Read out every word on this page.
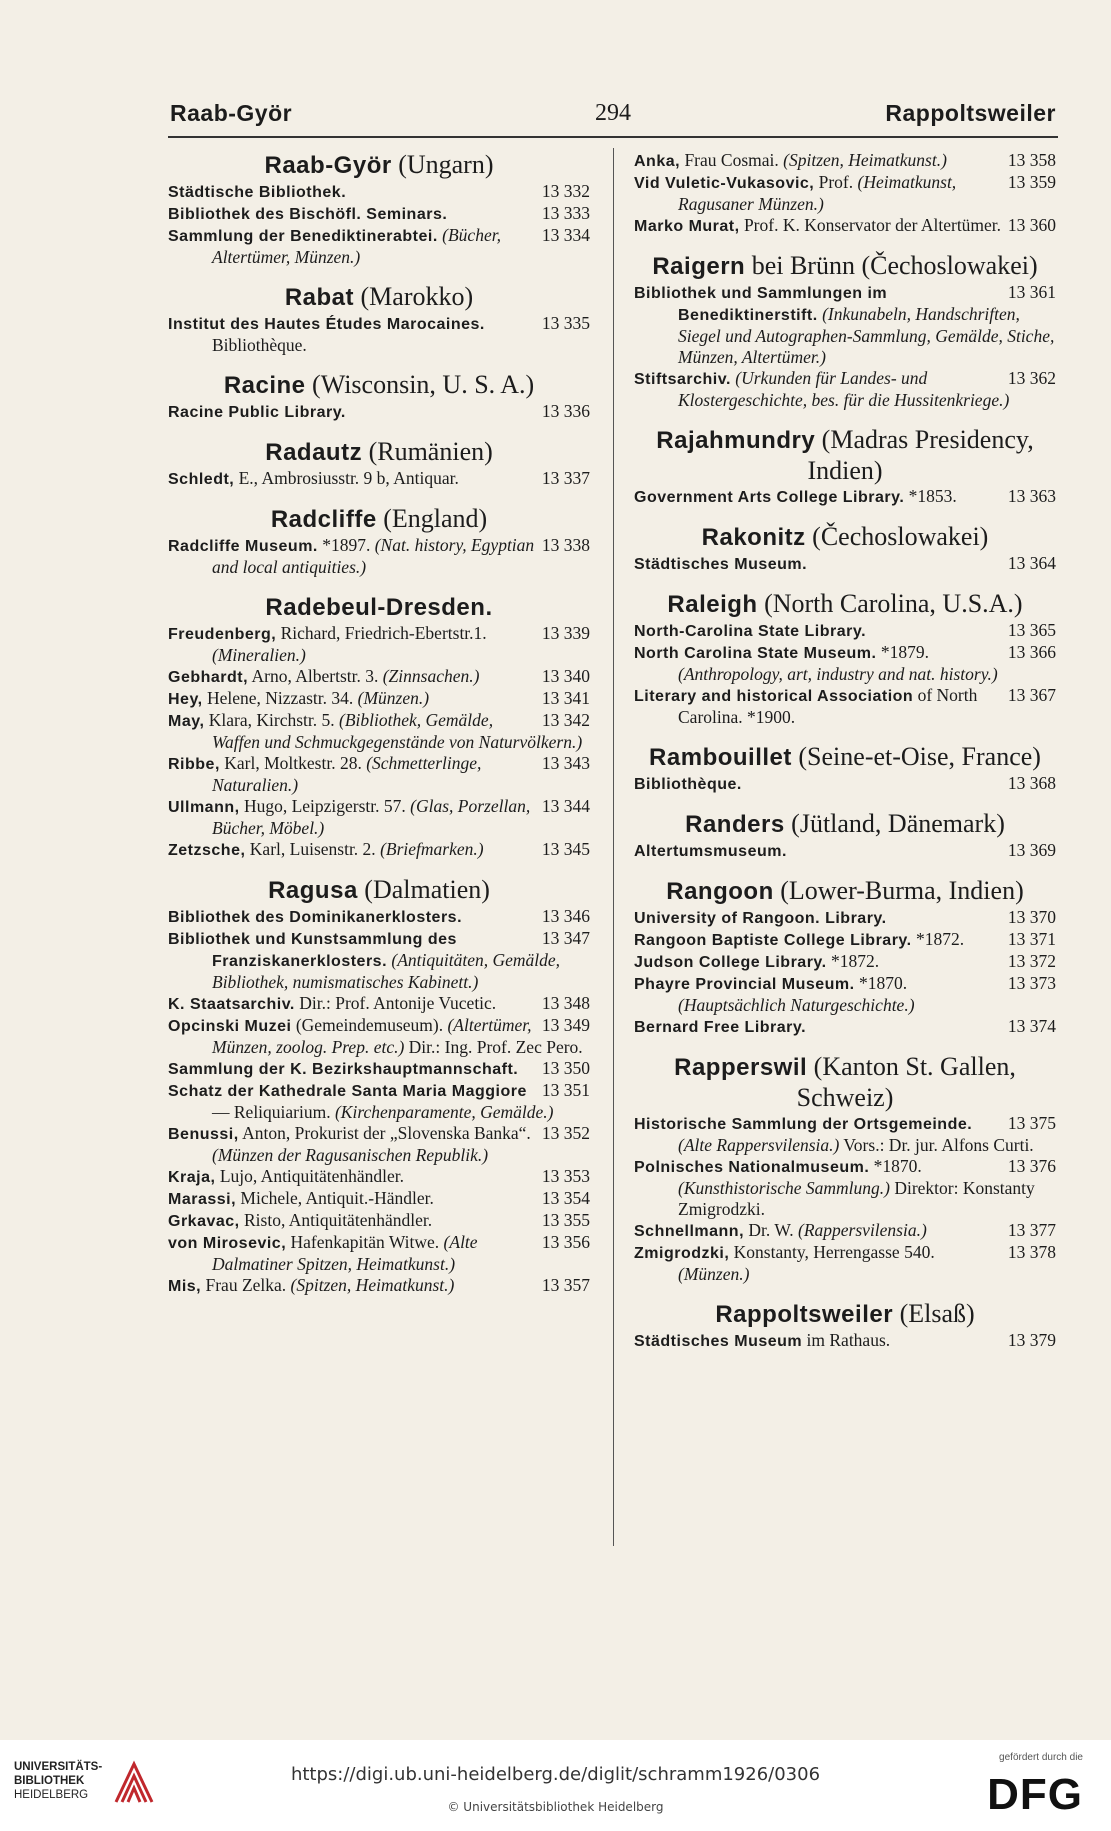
Raab-Györ	294	Rappoltsweiler

Raab-Györ (Ungarn)

13 332
Städtische Bibliothek.

13 333
Bibliothek des Bischöfl. Seminars.

13 334
Sammlung der Benediktinerabtei. (Bücher, Altertümer, Münzen.)

Rabat (Marokko)

13 335
Institut des Hautes Études Marocaines. Bibliothèque.

Racine (Wisconsin, U. S. A.)

13 336
Racine Public Library.

Radautz (Rumänien)

13 337
Schledt, E., Ambrosiusstr. 9 b, Antiquar.

Radcliffe (England)

13 338
Radcliffe Museum. *1897. (Nat. history, Egyptian and local antiquities.)

Radebeul-Dresden.

13 339
Freudenberg, Richard, Friedrich-Ebertstr.1. (Mineralien.)

13 340
Gebhardt, Arno, Albertstr. 3. (Zinnsachen.)

13 341
Hey, Helene, Nizzastr. 34. (Münzen.)

13 342
May, Klara, Kirchstr. 5. (Bibliothek, Gemälde, Waffen und Schmuckgegenstände von Naturvölkern.)

13 343
Ribbe, Karl, Moltkestr. 28. (Schmetterlinge, Naturalien.)

13 344
Ullmann, Hugo, Leipzigerstr. 57. (Glas, Porzellan, Bücher, Möbel.)

13 345
Zetzsche, Karl, Luisenstr. 2. (Briefmarken.)

Ragusa (Dalmatien)

13 346
Bibliothek des Dominikanerklosters.

13 347
Bibliothek und Kunstsammlung des Franziskanerklosters. (Antiquitäten, Gemälde, Bibliothek, numismatisches Kabinett.)

13 348
K. Staatsarchiv. Dir.: Prof. Antonije Vucetic.

13 349
Opcinski Muzei (Gemeindemuseum). (Altertümer, Münzen, zoolog. Prep. etc.) Dir.: Ing. Prof. Zec Pero.

13 350
Sammlung der K. Bezirkshauptmannschaft.

13 351
Schatz der Kathedrale Santa Maria Maggiore — Reliquiarium. (Kirchenparamente, Gemälde.)

13 352
Benussi, Anton, Prokurist der „Slovenska Banka“. (Münzen der Ragusanischen Republik.)

13 353
Kraja, Lujo, Antiquitätenhändler.

13 354
Marassi, Michele, Antiquit.-Händler.

13 355
Grkavac, Risto, Antiquitätenhändler.

13 356
von Mirosevic, Hafenkapitän Witwe. (Alte Dalmatiner Spitzen, Heimatkunst.)

13 357
Mis, Frau Zelka. (Spitzen, Heimatkunst.)

13 358
Anka, Frau Cosmai. (Spitzen, Heimatkunst.)

13 359
Vid Vuletic-Vukasovic, Prof. (Heimatkunst, Ragusaner Münzen.)

13 360
Marko Murat, Prof. K. Konservator der Altertümer.

Raigern bei Brünn (Čechoslowakei)

13 361
Bibliothek und Sammlungen im Benediktinerstift. (Inkunabeln, Handschriften, Siegel und Autographen-Sammlung, Gemälde, Stiche, Münzen, Altertümer.)

13 362
Stiftsarchiv. (Urkunden für Landes- und Klostergeschichte, bes. für die Hussitenkriege.)

Rajahmundry (Madras Presidency, Indien)

13 363
Government Arts College Library. *1853.

Rakonitz (Čechoslowakei)

13 364
Städtisches Museum.

Raleigh (North Carolina, U.S.A.)

13 365
North-Carolina State Library.

13 366
North Carolina State Museum. *1879. (Anthropology, art, industry and nat. history.)

13 367
Literary and historical Association of North Carolina. *1900.

Rambouillet (Seine-et-Oise, France)

13 368
Bibliothèque.

Randers (Jütland, Dänemark)

13 369
Altertumsmuseum.

Rangoon (Lower-Burma, Indien)

13 370
University of Rangoon. Library.

13 371
Rangoon Baptiste College Library. *1872.

13 372
Judson College Library. *1872.

13 373
Phayre Provincial Museum. *1870. (Hauptsächlich Naturgeschichte.)

13 374
Bernard Free Library.

Rapperswil (Kanton St. Gallen, Schweiz)

13 375
Historische Sammlung der Ortsgemeinde. (Alte Rappersvilensia.) Vors.: Dr. jur. Alfons Curti.

13 376
Polnisches Nationalmuseum. *1870. (Kunsthistorische Sammlung.) Direktor: Konstanty Zmigrodzki.

13 377
Schnellmann, Dr. W. (Rappersvilensia.)

13 378
Zmigrodzki, Konstanty, Herrengasse 540. (Münzen.)

Rappoltsweiler (Elsaß)

13 379
Städtisches Museum im Rathaus.

UNIVERSITÄTS-
BIBLIOTHEK
HEIDELBERG
https://digi.ub.uni-heidelberg.de/diglit/schramm1926/0306
© Universitätsbibliothek Heidelberg
gefördert durch die
DFG
